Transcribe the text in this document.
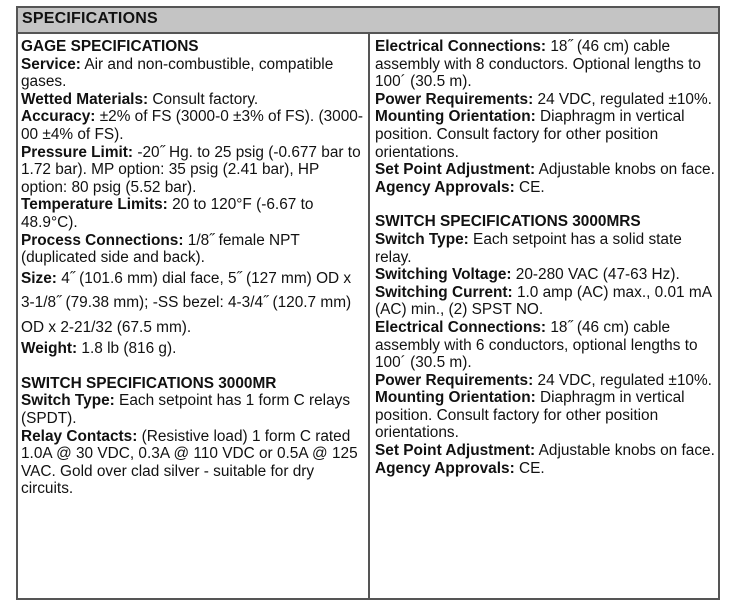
SPECIFICATIONS

GAGE SPECIFICATIONS

Service: Air and non-combustible, compatible gases.

Wetted Materials: Consult factory.

Accuracy: ±2% of FS (3000-0 ±3% of FS). (3000-00 ±4% of FS).

Pressure Limit: -20˝ Hg. to 25 psig (-0.677 bar to 1.72 bar). MP option: 35 psig (2.41 bar), HP option: 80 psig (5.52 bar).

Temperature Limits: 20 to 120°F (-6.67 to 48.9°C).

Process Connections: 1/8˝ female NPT (duplicated side and back).

Size: 4˝ (101.6 mm) dial face, 5˝ (127 mm) OD x 3-1/8˝ (79.38 mm); -SS bezel: 4-3/4˝ (120.7 mm) OD x 2-21/32 (67.5 mm).

Weight: 1.8 lb (816 g).

SWITCH SPECIFICATIONS 3000MR

Switch Type: Each setpoint has 1 form C relays (SPDT).

Relay Contacts: (Resistive load) 1 form C rated 1.0A @ 30 VDC, 0.3A @ 110 VDC or 0.5A @ 125 VAC. Gold over clad silver - suitable for dry circuits.

Electrical Connections: 18˝ (46 cm) cable assembly with 8 conductors. Optional lengths to 100´ (30.5 m).

Power Requirements: 24 VDC, regulated ±10%.

Mounting Orientation: Diaphragm in vertical position. Consult factory for other position orientations.

Set Point Adjustment: Adjustable knobs on face.

Agency Approvals: CE.

SWITCH SPECIFICATIONS 3000MRS

Switch Type: Each setpoint has a solid state relay.

Switching Voltage: 20-280 VAC (47-63 Hz).

Switching Current: 1.0 amp (AC) max., 0.01 mA (AC) min., (2) SPST NO.

Electrical Connections: 18˝ (46 cm) cable assembly with 6 conductors, optional lengths to 100´ (30.5 m).

Power Requirements: 24 VDC, regulated ±10%.

Mounting Orientation: Diaphragm in vertical position. Consult factory for other position orientations.

Set Point Adjustment: Adjustable knobs on face.

Agency Approvals: CE.
